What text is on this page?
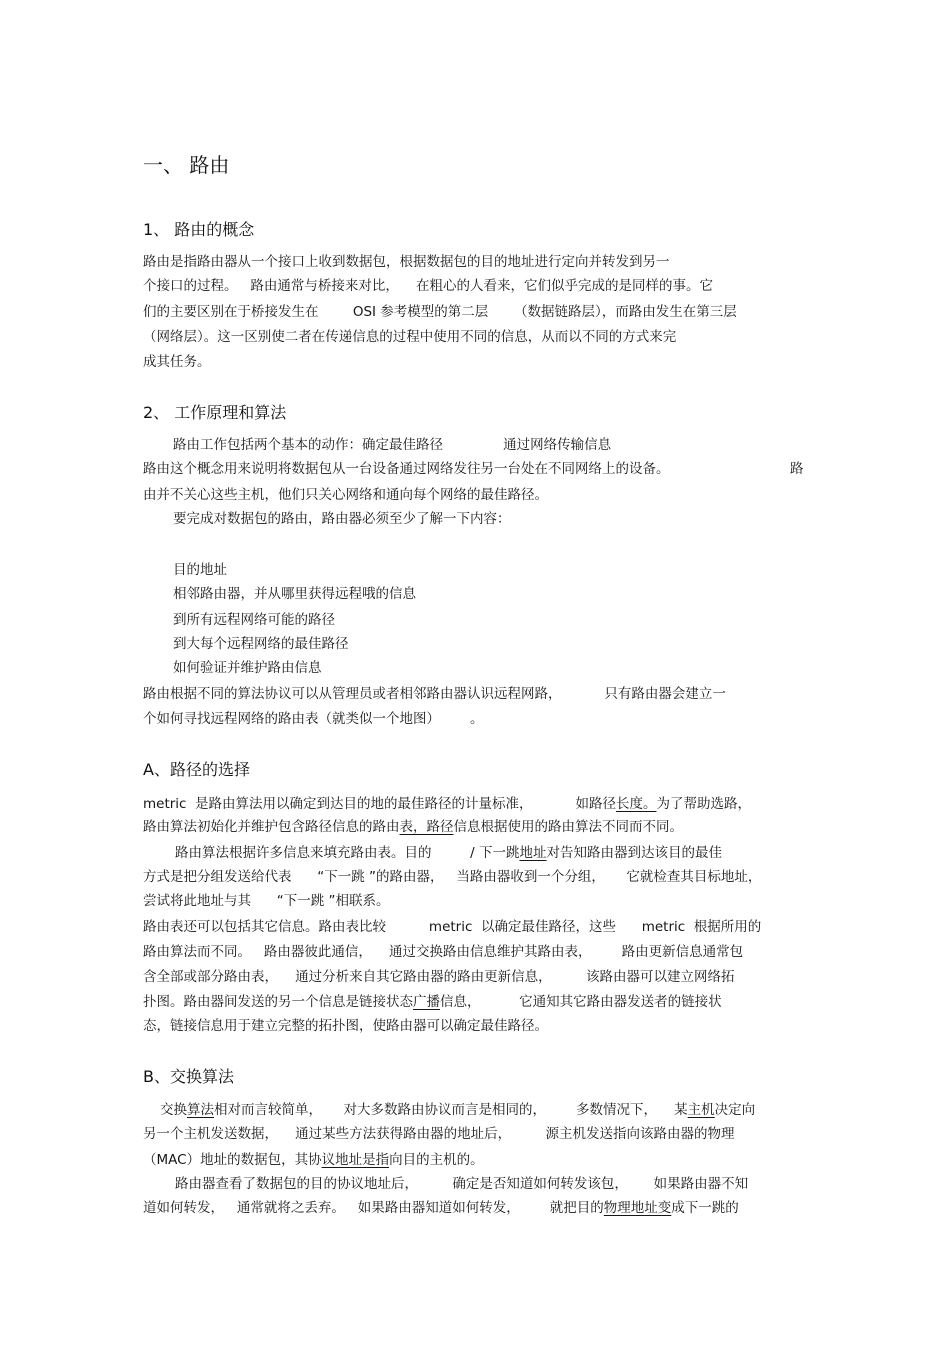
一、 路由
1、 路由的概念
路由是指路由器从一个接口上收到数据包，根据数据包的目的地址进行定向并转发到另一
个接口的过程。   路由通常与桥接来对比，    在粗心的人看来，它们似乎完成的是同样的事。它
们的主要区别在于桥接发生在        OSI 参考模型的第二层      （数据链路层），而路由发生在第三层
（网络层）。这一区别使二者在传递信息的过程中使用不同的信息，从而以不同的方式来完
成其任务。
2、 工作原理和算法
路由工作包括两个基本的动作：确定最佳路径              通过网络传输信息
路由这个概念用来说明将数据包从一台设备通过网络发往另一台处在不同网络上的设备。	路
由并不关心这些主机，他们只关心网络和通向每个网络的最佳路径。
要完成对数据包的路由，路由器必须至少了解一下内容：
目的地址
相邻路由器，并从哪里获得远程哦的信息
到所有远程网络可能的路径
到大每个远程网络的最佳路径
如何验证并维护路由信息
路由根据不同的算法协议可以从管理员或者相邻路由器认识远程网路，          只有路由器会建立一
个如何寻找远程网络的路由表（就类似一个地图）       。
A、路径的选择
metric  是路由算法用以确定到达目的地的最佳路径的计量标准，          如路径长度。为了帮助选路，
路由算法初始化并维护包含路径信息的路由表，路径信息根据使用的路由算法不同而不同。
路由算法根据许多信息来填充路由表。目的         / 下一跳地址对告知路由器到达该目的最佳
方式是把分组发送给代表      “下一跳 ”的路由器，   当路由器收到一个分组，     它就检查其目标地址，
尝试将此地址与其      “下一跳 ”相联系。
路由表还可以包括其它信息。路由表比较          metric  以确定最佳路径，这些      metric  根据所用的
路由算法而不同。   路由器彼此通信，    通过交换路由信息维护其路由表，       路由更新信息通常包
含全部或部分路由表，    通过分析来自其它路由器的路由更新信息，        该路由器可以建立网络拓
扑图。路由器间发送的另一个信息是链接状态广播信息，         它通知其它路由器发送者的链接状
态，链接信息用于建立完整的拓扑图，使路由器可以确定最佳路径。
B、交换算法
交换算法相对而言较简单，     对大多数路由协议而言是相同的，       多数情况下，    某主机决定向
另一个主机发送数据，    通过某些方法获得路由器的地址后，        源主机发送指向该路由器的物理
（MAC）地址的数据包，其协议地址是指向目的主机的。
路由器查看了数据包的目的协议地址后，        确定是否知道如何转发该包，      如果路由器不知
道如何转发，   通常就将之丢弃。   如果路由器知道如何转发，       就把目的物理地址变成下一跳的
